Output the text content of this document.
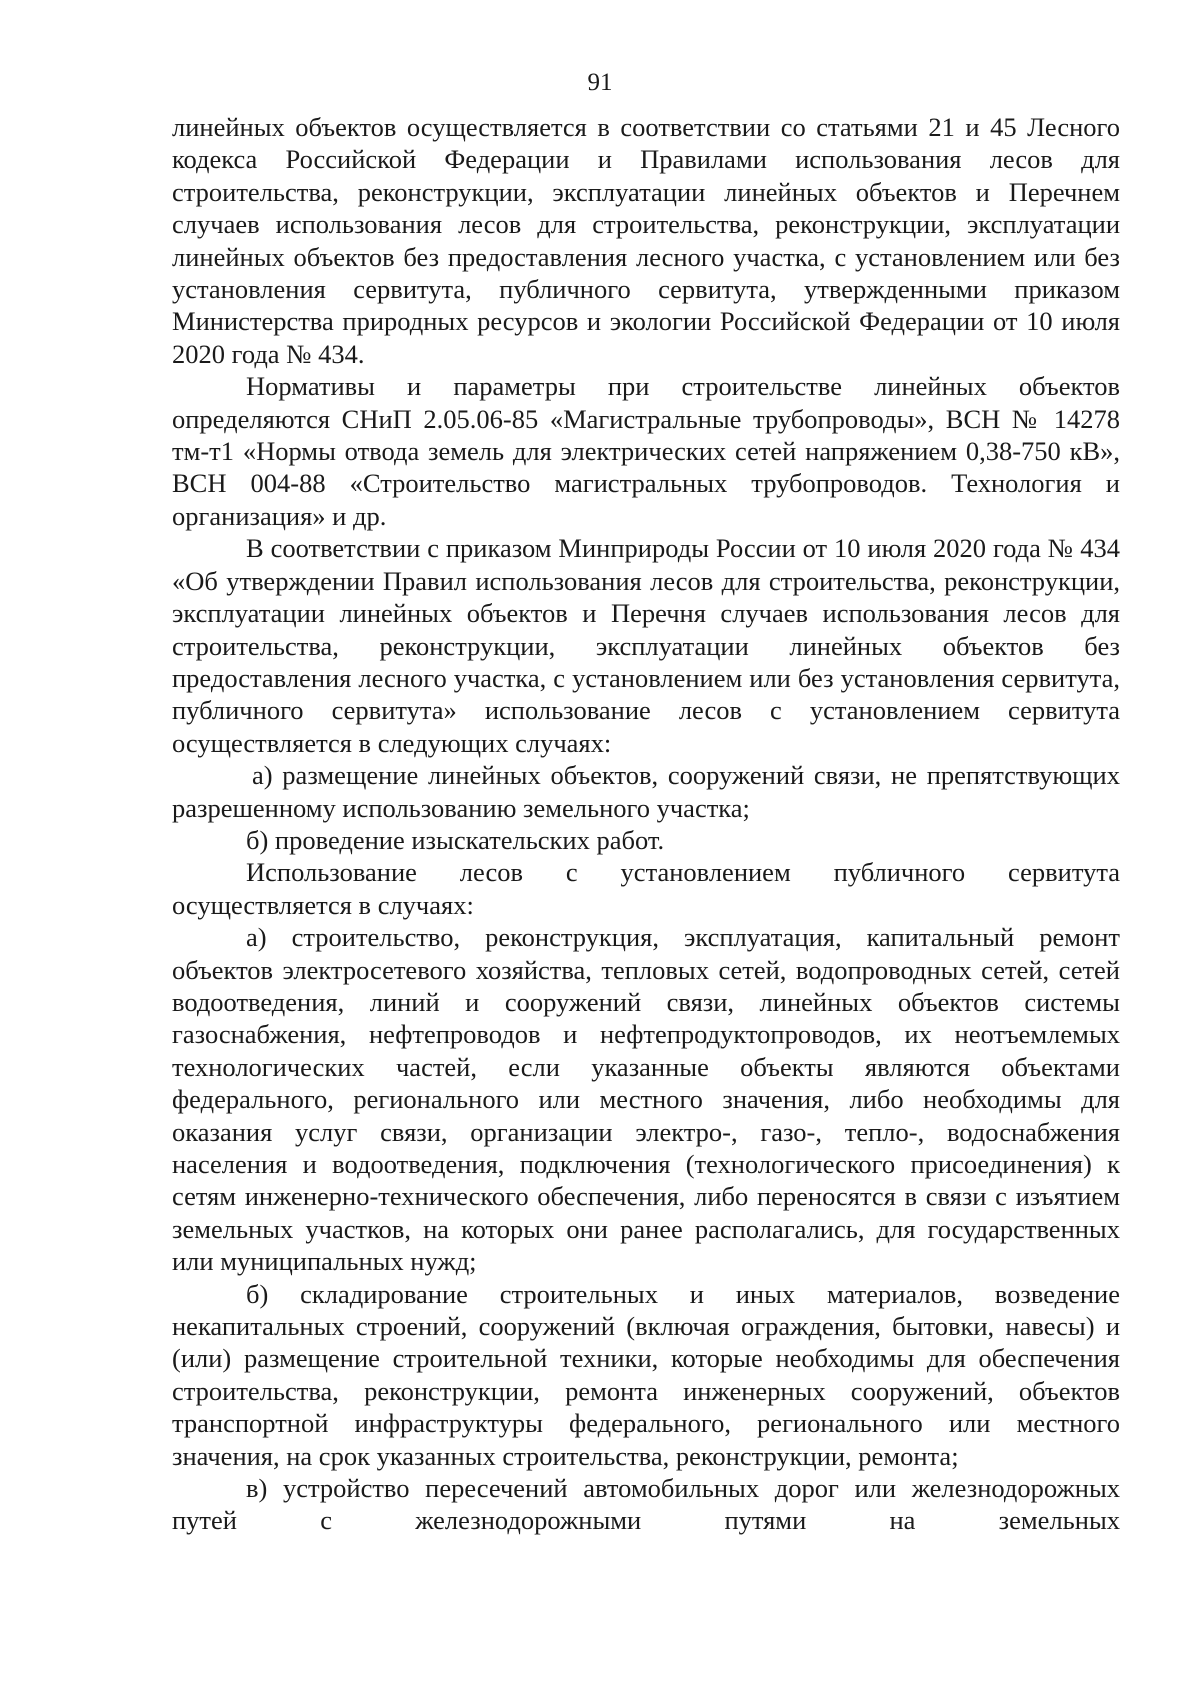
91

линейных объектов осуществляется в соответствии со статьями 21 и 45 Лесного кодекса Российской Федерации и Правилами использования лесов для строительства, реконструкции, эксплуатации линейных объектов и Перечнем случаев использования лесов для строительства, реконструкции, эксплуатации линейных объектов без предоставления лесного участка, с установлением или без установления сервитута, публичного сервитута, утвержденными приказом Министерства природных ресурсов и экологии Российской Федерации от 10 июля 2020 года № 434.

Нормативы и параметры при строительстве линейных объектов определяются СНиП 2.05.06-85 «Магистральные трубопроводы», ВСН № 14278 тм-т1 «Нормы отвода земель для электрических сетей напряжением 0,38-750 кВ», ВСН 004-88 «Строительство магистральных трубопроводов. Технология и организация» и др.

В соответствии с приказом Минприроды России от 10 июля 2020 года № 434 «Об утверждении Правил использования лесов для строительства, реконструкции, эксплуатации линейных объектов и Перечня случаев использования лесов для строительства, реконструкции, эксплуатации линейных объектов без предоставления лесного участка, с установлением или без установления сервитута, публичного сервитута» использование лесов с установлением сервитута осуществляется в следующих случаях:

а) размещение линейных объектов, сооружений связи, не препятствующих разрешенному использованию земельного участка;

б) проведение изыскательских работ.

Использование лесов с установлением публичного сервитута осуществляется в случаях:

а) строительство, реконструкция, эксплуатация, капитальный ремонт объектов электросетевого хозяйства, тепловых сетей, водопроводных сетей, сетей водоотведения, линий и сооружений связи, линейных объектов системы газоснабжения, нефтепроводов и нефтепродуктопроводов, их неотъемлемых технологических частей, если указанные объекты являются объектами федерального, регионального или местного значения, либо необходимы для оказания услуг связи, организации электро-, газо-, тепло-, водоснабжения населения и водоотведения, подключения (технологического присоединения) к сетям инженерно-технического обеспечения, либо переносятся в связи с изъятием земельных участков, на которых они ранее располагались, для государственных или муниципальных нужд;

б) складирование строительных и иных материалов, возведение некапитальных строений, сооружений (включая ограждения, бытовки, навесы) и (или) размещение строительной техники, которые необходимы для обеспечения строительства, реконструкции, ремонта инженерных сооружений, объектов транспортной инфраструктуры федерального, регионального или местного значения, на срок указанных строительства, реконструкции, ремонта;

в) устройство пересечений автомобильных дорог или железнодорожных путей с железнодорожными путями на земельных
